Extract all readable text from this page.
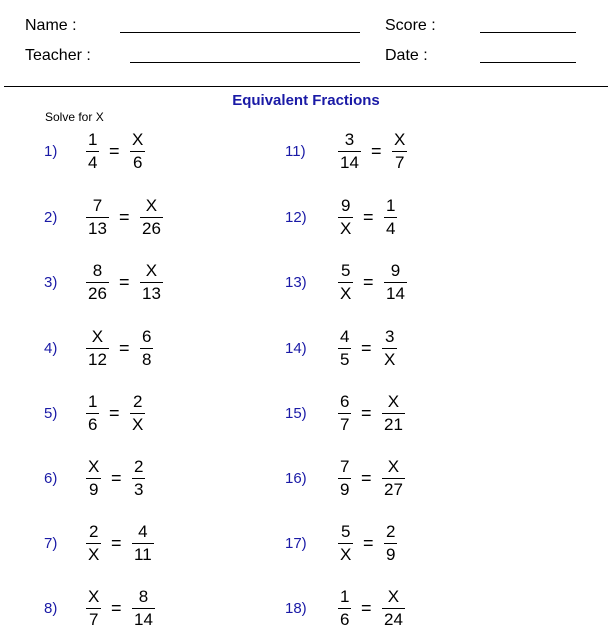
Name :	Score :
Teacher :	Date :
Equivalent Fractions
Solve for X
1)
1
4
=
X
6
2)
7
13
=
X
26
3)
8
26
=
X
13
4)
X
12
=
6
8
5)
1
6
=
2
X
6)
X
9
=
2
3
7)
2
X
=
4
11
8)
X
7
=
8
14
11)
3
14
=
X
7
12)
9
X
=
1
4
13)
5
X
=
9
14
14)
4
5
=
3
X
15)
6
7
=
X
21
16)
7
9
=
X
27
17)
5
X
=
2
9
18)
1
6
=
X
24
